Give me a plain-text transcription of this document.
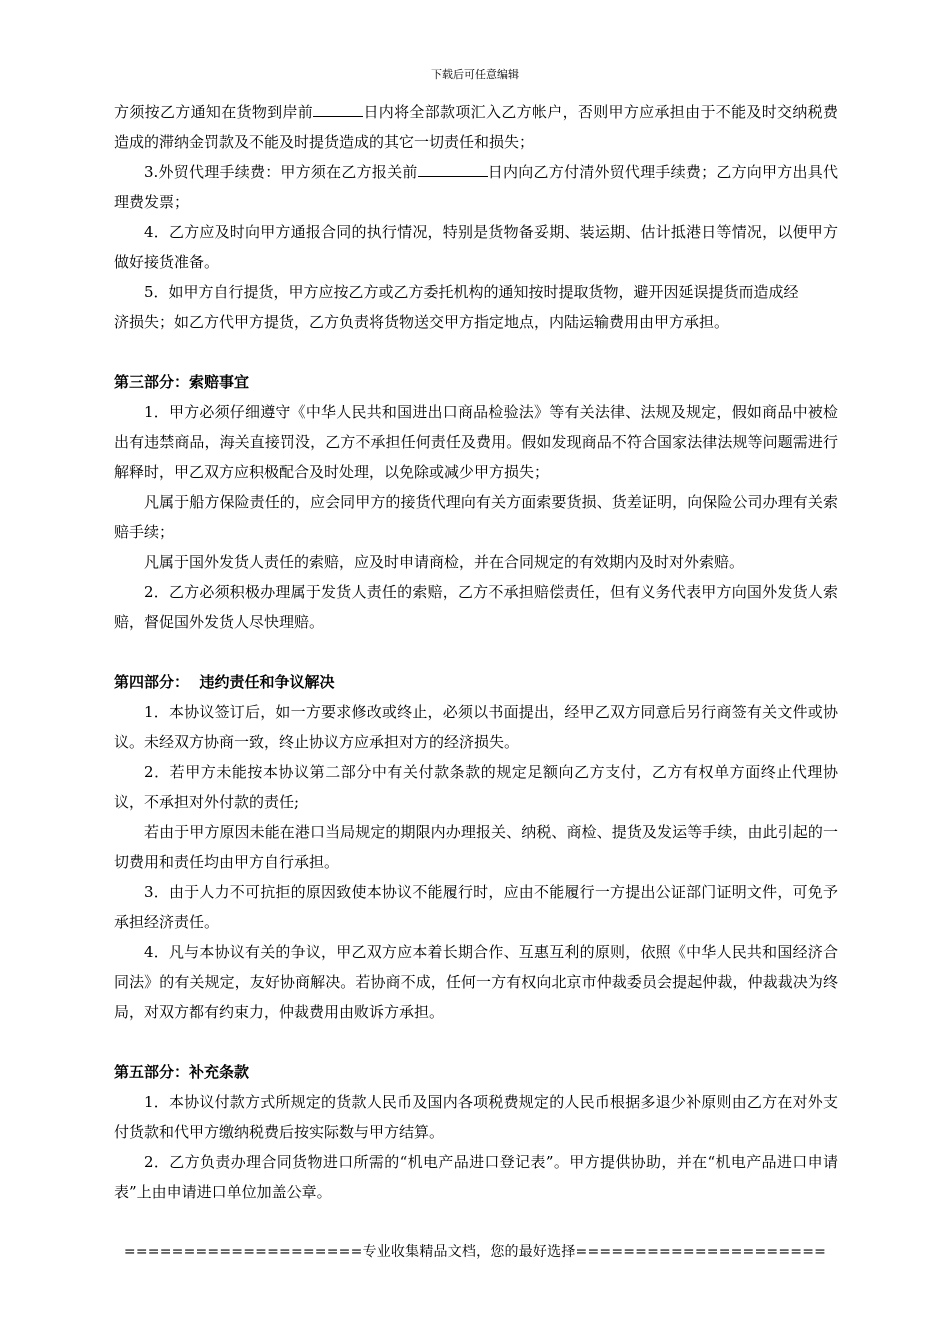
下载后可任意编辑

方须按乙方通知在货物到岸前	日内将全部款项汇入乙方帐户，否则甲方应承担由于不能及时交纳税费造成的滞纳金罚款及不能及时提货造成的其它一切责任和损失；

3.外贸代理手续费：甲方须在乙方报关前	日内向乙方付清外贸代理手续费；乙方向甲方出具代理费发票；

4．乙方应及时向甲方通报合同的执行情况，特别是货物备妥期、装运期、估计抵港日等情况，以便甲方做好接货准备。

5．如甲方自行提货，甲方应按乙方或乙方委托机构的通知按时提取货物，避开因延误提货而造成经

济损失；如乙方代甲方提货，乙方负责将货物送交甲方指定地点，内陆运输费用由甲方承担。

第三部分：索赔事宜

1．甲方必须仔细遵守《中华人民共和国进出口商品检验法》等有关法律、法规及规定，假如商品中被检出有违禁商品，海关直接罚没，乙方不承担任何责任及费用。假如发现商品不符合国家法律法规等问题需进行解释时，甲乙双方应积极配合及时处理，以免除或减少甲方损失；

凡属于船方保险责任的，应会同甲方的接货代理向有关方面索要货损、货差证明，向保险公司办理有关索赔手续；

凡属于国外发货人责任的索赔，应及时申请商检，并在合同规定的有效期内及时对外索赔。

2．乙方必须积极办理属于发货人责任的索赔，乙方不承担赔偿责任，但有义务代表甲方向国外发货人索赔，督促国外发货人尽快理赔。

第四部分：  违约责任和争议解决

1．本协议签订后，如一方要求修改或终止，必须以书面提出，经甲乙双方同意后另行商签有关文件或协议。未经双方协商一致，终止协议方应承担对方的经济损失。

2．若甲方未能按本协议第二部分中有关付款条款的规定足额向乙方支付，乙方有权单方面终止代理协议，不承担对外付款的责任;

若由于甲方原因未能在港口当局规定的期限内办理报关、纳税、商检、提货及发运等手续，由此引起的一切费用和责任均由甲方自行承担。

3．由于人力不可抗拒的原因致使本协议不能履行时，应由不能履行一方提出公证部门证明文件，可免予承担经济责任。

4．凡与本协议有关的争议，甲乙双方应本着长期合作、互惠互利的原则，依照《中华人民共和国经济合同法》的有关规定，友好协商解决。若协商不成，任何一方有权向北京市仲裁委员会提起仲裁，仲裁裁决为终局，对双方都有约束力，仲裁费用由败诉方承担。

第五部分：补充条款

1．本协议付款方式所规定的货款人民币及国内各项税费规定的人民币根据多退少补原则由乙方在对外支付货款和代甲方缴纳税费后按实际数与甲方结算。

2．乙方负责办理合同货物进口所需的“机电产品进口登记表”。甲方提供协助，并在“机电产品进口申请表”上由申请进口单位加盖公章。

====================专业收集精品文档，您的最好选择=====================
